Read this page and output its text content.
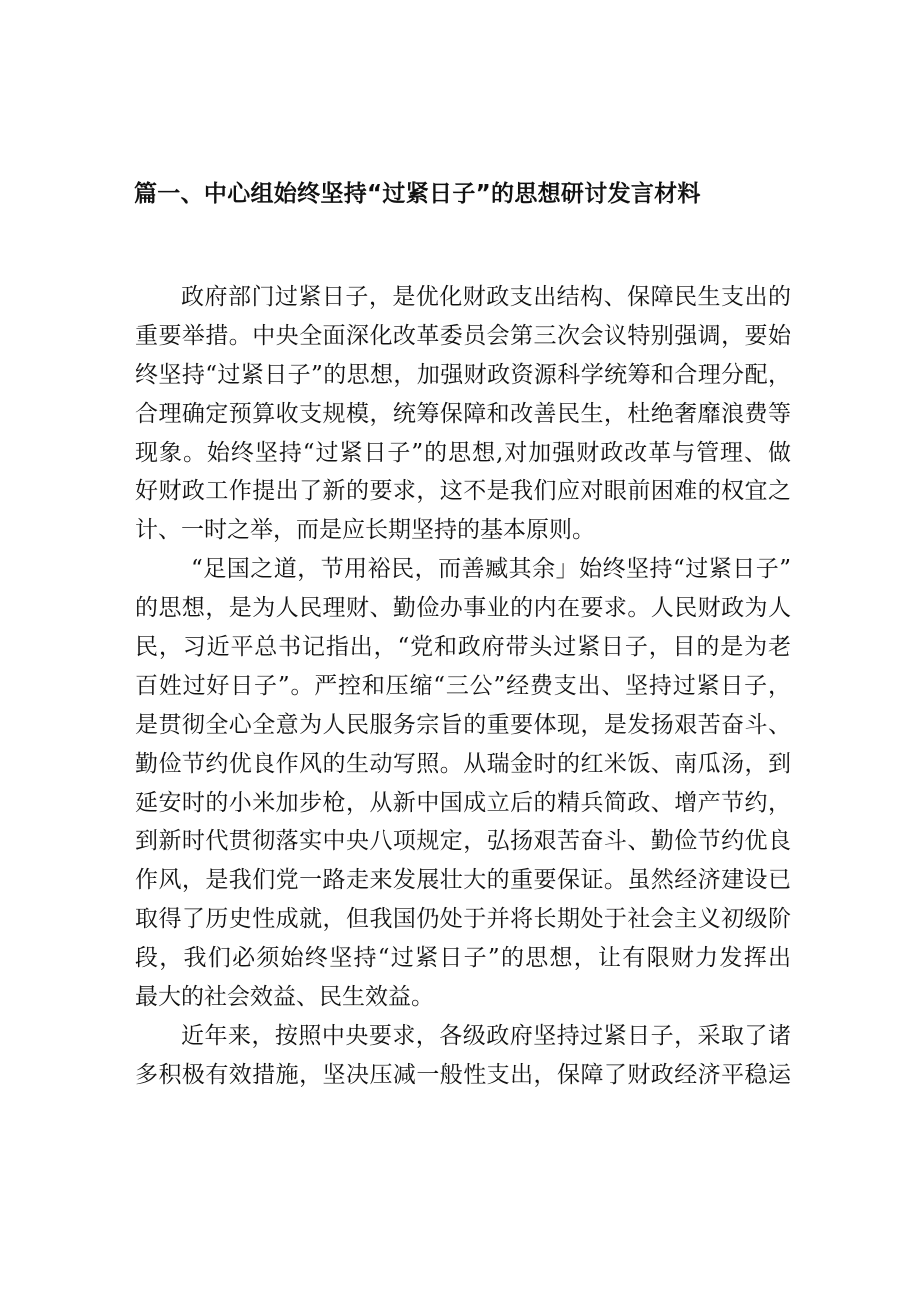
篇一、中心组始终坚持“过紧日子”的思想研讨发言材料
政府部门过紧日子，是优化财政支出结构、保障民生支出的
重要举措。中央全面深化改革委员会第三次会议特别强调，要始
终坚持“过紧日子”的思想，加强财政资源科学统筹和合理分配，
合理确定预算收支规模，统筹保障和改善民生，杜绝奢靡浪费等
现象。始终坚持“过紧日子”的思想,对加强财政改革与管理、做
好财政工作提出了新的要求，这不是我们应对眼前困难的权宜之
计、一时之举，而是应长期坚持的基本原则。
“足国之道，节用裕民，而善臧其余」始终坚持“过紧日子”
的思想，是为人民理财、勤俭办事业的内在要求。人民财政为人
民，习近平总书记指出，“党和政府带头过紧日子，目的是为老
百姓过好日子”。严控和压缩“三公”经费支出、坚持过紧日子，
是贯彻全心全意为人民服务宗旨的重要体现，是发扬艰苦奋斗、
勤俭节约优良作风的生动写照。从瑞金时的红米饭、南瓜汤，到
延安时的小米加步枪，从新中国成立后的精兵简政、增产节约，
到新时代贯彻落实中央八项规定，弘扬艰苦奋斗、勤俭节约优良
作风，是我们党一路走来发展壮大的重要保证。虽然经济建设已
取得了历史性成就，但我国仍处于并将长期处于社会主义初级阶
段，我们必须始终坚持“过紧日子”的思想，让有限财力发挥出
最大的社会效益、民生效益。
近年来，按照中央要求，各级政府坚持过紧日子，采取了诸
多积极有效措施，坚决压减一般性支出，保障了财政经济平稳运
